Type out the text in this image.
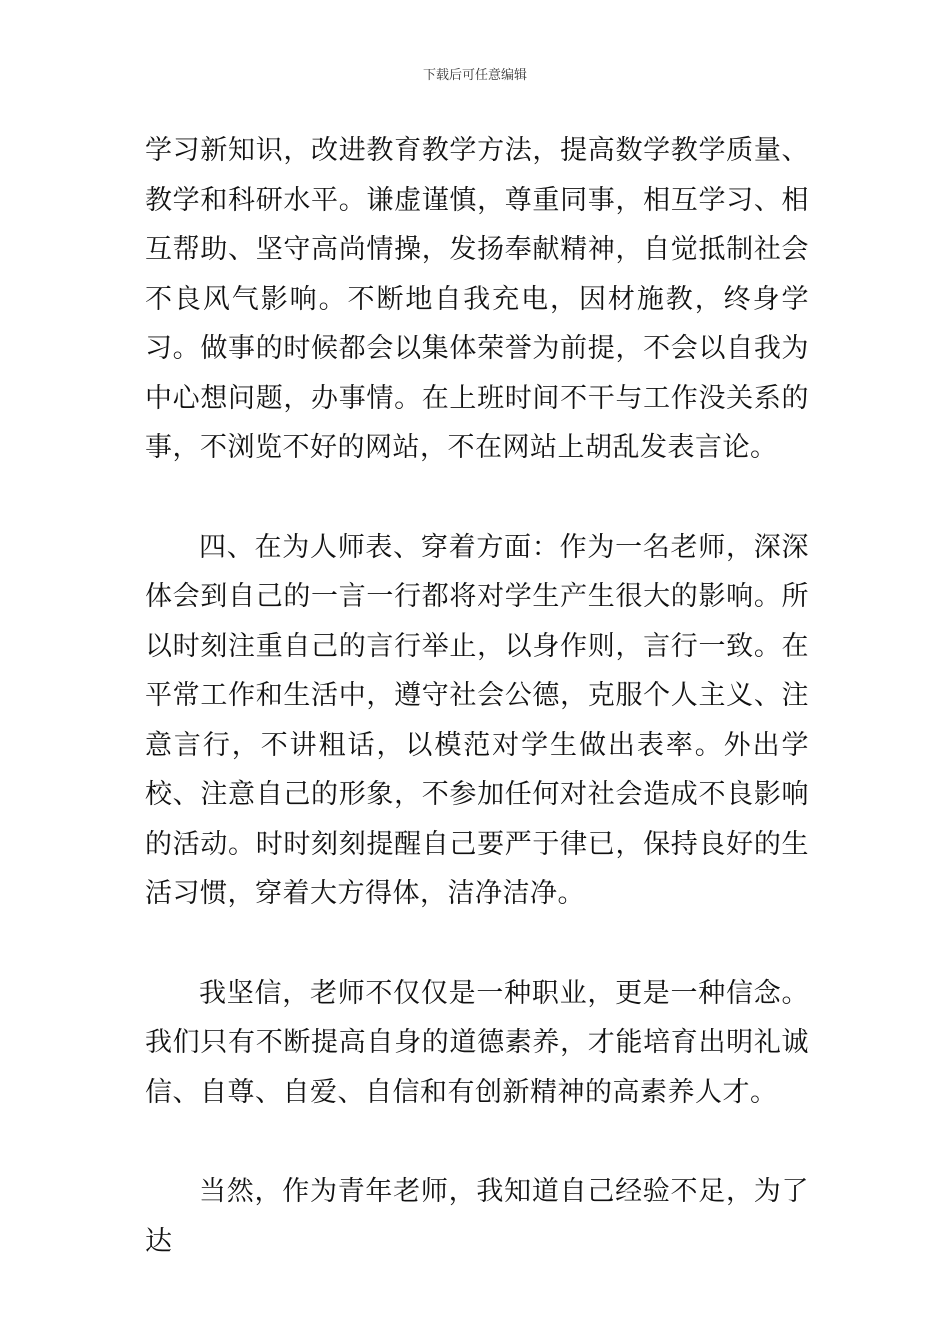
下载后可任意编辑

学习新知识，改进教育教学方法，提高数学教学质量、教学和科研水平。谦虚谨慎，尊重同事，相互学习、相互帮助、坚守高尚情操，发扬奉献精神，自觉抵制社会不良风气影响。不断地自我充电，因材施教，终身学习。做事的时候都会以集体荣誉为前提，不会以自我为中心想问题，办事情。在上班时间不干与工作没关系的事，不浏览不好的网站，不在网站上胡乱发表言论。

四、在为人师表、穿着方面：作为一名老师，深深体会到自己的一言一行都将对学生产生很大的影响。所以时刻注重自己的言行举止，以身作则，言行一致。在平常工作和生活中，遵守社会公德，克服个人主义、注意言行，不讲粗话，以模范对学生做出表率。外出学校、注意自己的形象，不参加任何对社会造成不良影响的活动。时时刻刻提醒自己要严于律已，保持良好的生活习惯，穿着大方得体，洁净洁净。

我坚信，老师不仅仅是一种职业，更是一种信念。我们只有不断提高自身的道德素养，才能培育出明礼诚信、自尊、自爱、自信和有创新精神的高素养人才。

当然，作为青年老师，我知道自己经验不足，为了达
